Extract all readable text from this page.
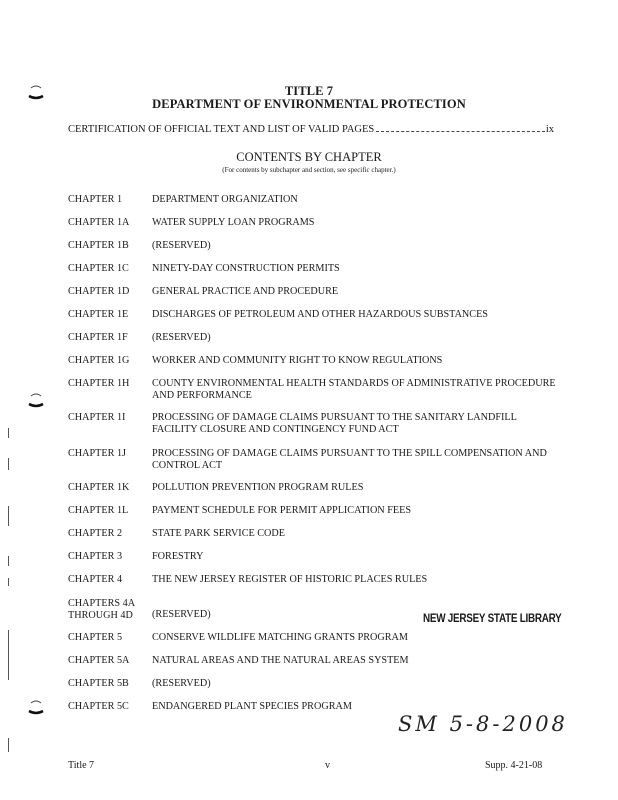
TITLE 7
DEPARTMENT OF ENVIRONMENTAL PROTECTION
CERTIFICATION OF OFFICIAL TEXT AND LIST OF VALID PAGES	ix
CONTENTS BY CHAPTER
(For contents by subchapter and section, see specific chapter.)
CHAPTER 1	DEPARTMENT ORGANIZATION
CHAPTER 1A	WATER SUPPLY LOAN PROGRAMS
CHAPTER 1B	(RESERVED)
CHAPTER 1C	NINETY-DAY CONSTRUCTION PERMITS
CHAPTER 1D	GENERAL PRACTICE AND PROCEDURE
CHAPTER 1E	DISCHARGES OF PETROLEUM AND OTHER HAZARDOUS SUBSTANCES
CHAPTER 1F	(RESERVED)
CHAPTER 1G	WORKER AND COMMUNITY RIGHT TO KNOW REGULATIONS
CHAPTER 1H	COUNTY ENVIRONMENTAL HEALTH STANDARDS OF ADMINISTRATIVE PROCEDURE AND PERFORMANCE
CHAPTER 1I	PROCESSING OF DAMAGE CLAIMS PURSUANT TO THE SANITARY LANDFILL FACILITY CLOSURE AND CONTINGENCY FUND ACT
CHAPTER 1J	PROCESSING OF DAMAGE CLAIMS PURSUANT TO THE SPILL COMPENSATION AND CONTROL ACT
CHAPTER 1K	POLLUTION PREVENTION PROGRAM RULES
CHAPTER 1L	PAYMENT SCHEDULE FOR PERMIT APPLICATION FEES
CHAPTER 2	STATE PARK SERVICE CODE
CHAPTER 3	FORESTRY
CHAPTER 4	THE NEW JERSEY REGISTER OF HISTORIC PLACES RULES
CHAPTERS 4A
THROUGH 4D	(RESERVED)
CHAPTER 5	CONSERVE WILDLIFE MATCHING GRANTS PROGRAM
CHAPTER 5A	NATURAL AREAS AND THE NATURAL AREAS SYSTEM
CHAPTER 5B	(RESERVED)
CHAPTER 5C	ENDANGERED PLANT SPECIES PROGRAM
NEW JERSEY STATE LIBRARY
SM 5-8-2008
Title 7	v	Supp. 4-21-08
